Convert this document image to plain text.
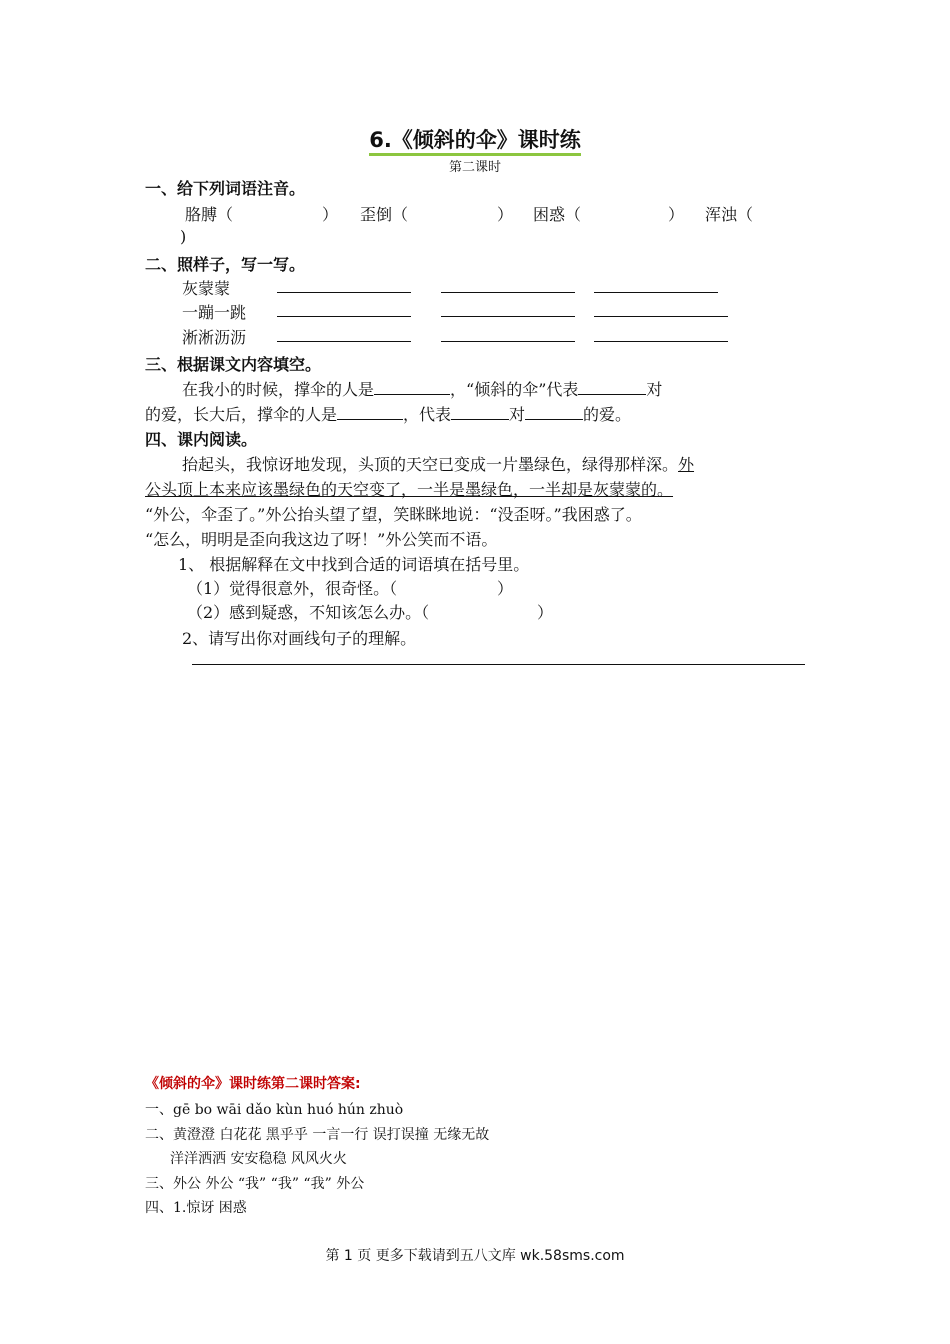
6.《倾斜的伞》课时练
第二课时
一、给下列词语注音。
胳膊（	） 歪倒（	） 困惑（	） 浑浊（
)
二、照样子，写一写。
灰蒙蒙
一蹦一跳
淅淅沥沥
三、根据课文内容填空。
在我小的时候，撑伞的人是	，“倾斜的伞”代表	对
的爱，长大后，撑伞的人是	，代表	对	的爱。
四、课内阅读。
抬起头，我惊讶地发现，头顶的天空已变成一片墨绿色，绿得那样深。外
公头顶上本来应该墨绿色的天空变了，一半是墨绿色，一半却是灰蒙蒙的。
“外公，伞歪了。”外公抬头望了望，笑眯眯地说：“没歪呀。”我困惑了。
“怎么，明明是歪向我这边了呀！”外公笑而不语。
1、 根据解释在文中找到合适的词语填在括号里。
（1）觉得很意外，很奇怪。（	）
（2）感到疑惑，不知该怎么办。（	）
2、请写出你对画线句子的理解。
《倾斜的伞》课时练第二课时答案:
一、gē bo wāi dǎo kùn huó hún zhuò
二、黄澄澄 白花花 黑乎乎 一言一行 误打误撞 无缘无故
洋洋洒洒 安安稳稳 风风火火
三、外公 外公 “我” “我” “我” 外公
四、1.惊讶 困惑
第 1 页 更多下载请到五八文库 wk.58sms.com
